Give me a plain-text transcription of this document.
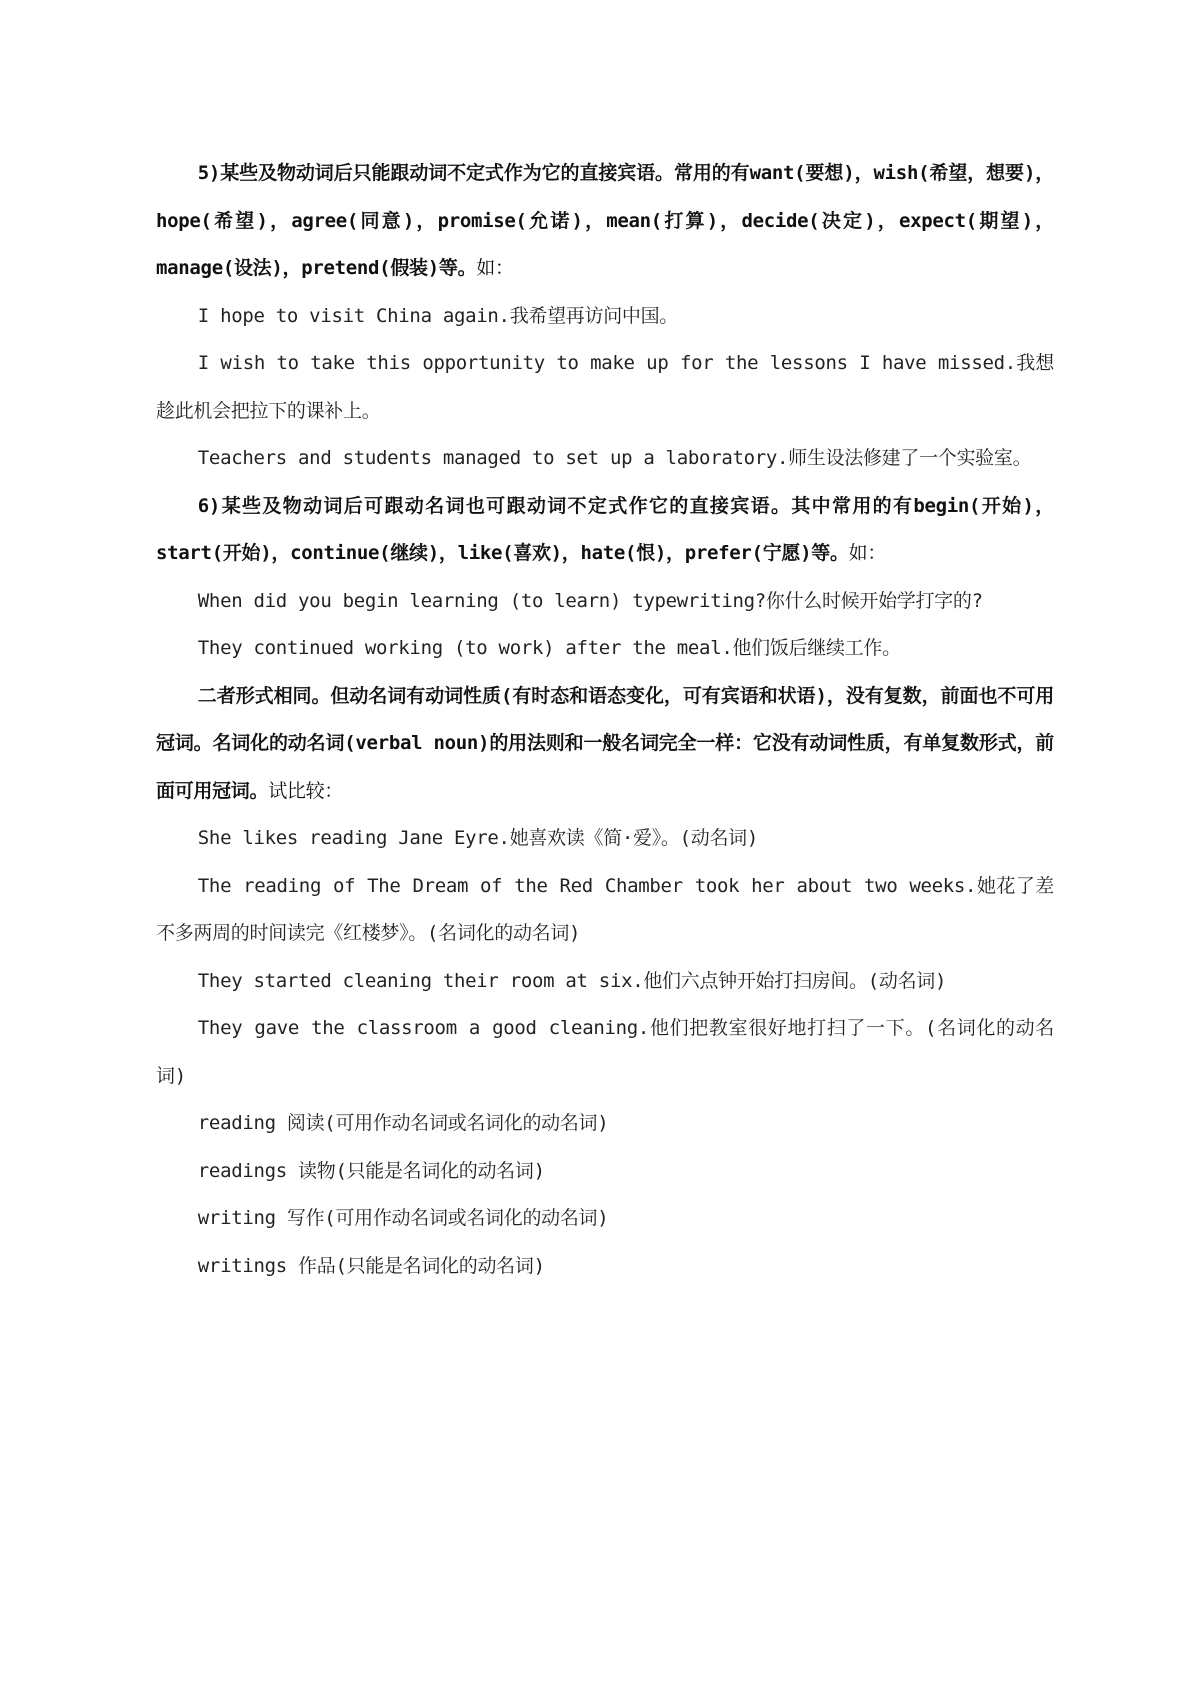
5)某些及物动词后只能跟动词不定式作为它的直接宾语。常用的有want(要想)，wish(希望，想要)，hope(希望)，agree(同意)，promise(允诺)，mean(打算)，decide(决定)，expect(期望)，manage(设法)，pretend(假装)等。如：

I hope to visit China again.我希望再访问中国。

I wish to take this opportunity to make up for the lessons I have missed.我想趁此机会把拉下的课补上。

Teachers and students managed to set up a laboratory.师生设法修建了一个实验室。

6)某些及物动词后可跟动名词也可跟动词不定式作它的直接宾语。其中常用的有begin(开始)，start(开始)，continue(继续)，like(喜欢)，hate(恨)，prefer(宁愿)等。如：

When did you begin learning (to learn) typewriting?你什么时候开始学打字的?

They continued working (to work) after the meal.他们饭后继续工作。

二者形式相同。但动名词有动词性质(有时态和语态变化，可有宾语和状语)，没有复数，前面也不可用冠词。名词化的动名词(verbal noun)的用法则和一般名词完全一样：它没有动词性质，有单复数形式，前面可用冠词。试比较：

She likes reading Jane Eyre.她喜欢读《简·爱》。(动名词)

The reading of The Dream of the Red Chamber took her about two weeks.她花了差不多两周的时间读完《红楼梦》。(名词化的动名词)

They started cleaning their room at six.他们六点钟开始打扫房间。(动名词)

They gave the classroom a good cleaning.他们把教室很好地打扫了一下。(名词化的动名词)

reading 阅读(可用作动名词或名词化的动名词)

readings 读物(只能是名词化的动名词)

writing 写作(可用作动名词或名词化的动名词)

writings 作品(只能是名词化的动名词)
